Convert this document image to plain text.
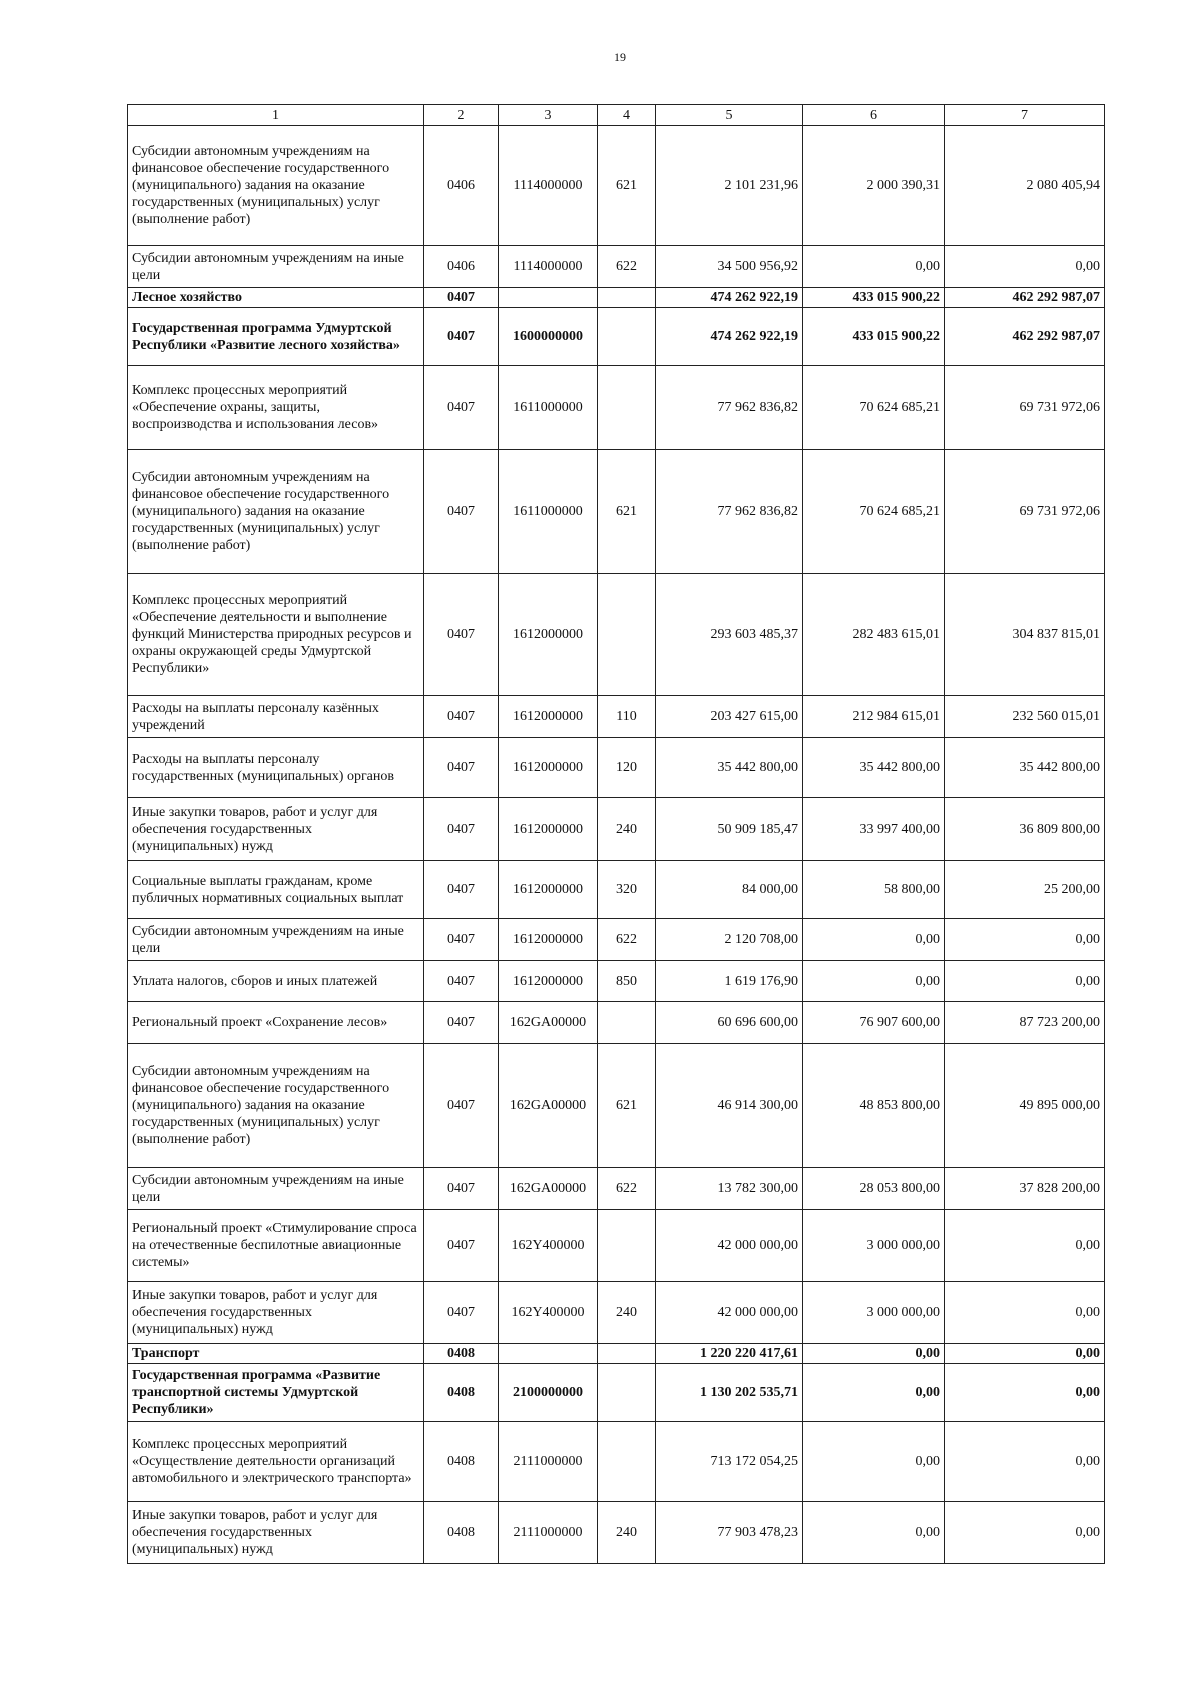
19
1	2	3	4	5	6	7
Субсидии автономным учреждениям на финансовое обеспечение государственного (муниципального) задания на оказание государственных (муниципальных) услуг (выполнение работ)	0406	1114000000	621	2 101 231,96	2 000 390,31	2 080 405,94
Субсидии автономным учреждениям на иные цели	0406	1114000000	622	34 500 956,92	0,00	0,00
Лесное хозяйство	0407			474 262 922,19	433 015 900,22	462 292 987,07
Государственная программа Удмуртской Республики «Развитие лесного хозяйства»	0407	1600000000		474 262 922,19	433 015 900,22	462 292 987,07
Комплекс процессных мероприятий «Обеспечение охраны, защиты, воспроизводства и использования лесов»	0407	1611000000		77 962 836,82	70 624 685,21	69 731 972,06
Субсидии автономным учреждениям на финансовое обеспечение государственного (муниципального) задания на оказание государственных (муниципальных) услуг (выполнение работ)	0407	1611000000	621	77 962 836,82	70 624 685,21	69 731 972,06
Комплекс процессных мероприятий «Обеспечение деятельности и выполнение функций Министерства природных ресурсов и охраны окружающей среды Удмуртской Республики»	0407	1612000000		293 603 485,37	282 483 615,01	304 837 815,01
Расходы на выплаты персоналу казённых учреждений	0407	1612000000	110	203 427 615,00	212 984 615,01	232 560 015,01
Расходы на выплаты персоналу государственных (муниципальных) органов	0407	1612000000	120	35 442 800,00	35 442 800,00	35 442 800,00
Иные закупки товаров, работ и услуг для обеспечения государственных (муниципальных) нужд	0407	1612000000	240	50 909 185,47	33 997 400,00	36 809 800,00
Социальные выплаты гражданам, кроме публичных нормативных социальных выплат	0407	1612000000	320	84 000,00	58 800,00	25 200,00
Субсидии автономным учреждениям на иные цели	0407	1612000000	622	2 120 708,00	0,00	0,00
Уплата налогов, сборов и иных платежей	0407	1612000000	850	1 619 176,90	0,00	0,00
Региональный проект «Сохранение лесов»	0407	162GA00000		60 696 600,00	76 907 600,00	87 723 200,00
Субсидии автономным учреждениям на финансовое обеспечение государственного (муниципального) задания на оказание государственных (муниципальных) услуг (выполнение работ)	0407	162GA00000	621	46 914 300,00	48 853 800,00	49 895 000,00
Субсидии автономным учреждениям на иные цели	0407	162GA00000	622	13 782 300,00	28 053 800,00	37 828 200,00
Региональный проект «Стимулирование спроса на отечественные беспилотные авиационные системы»	0407	162Y400000		42 000 000,00	3 000 000,00	0,00
Иные закупки товаров, работ и услуг для обеспечения государственных (муниципальных) нужд	0407	162Y400000	240	42 000 000,00	3 000 000,00	0,00
Транспорт	0408			1 220 220 417,61	0,00	0,00
Государственная программа «Развитие транспортной системы Удмуртской Республики»	0408	2100000000		1 130 202 535,71	0,00	0,00
Комплекс процессных мероприятий «Осуществление деятельности организаций автомобильного и электрического транспорта»	0408	2111000000		713 172 054,25	0,00	0,00
Иные закупки товаров, работ и услуг для обеспечения государственных (муниципальных) нужд	0408	2111000000	240	77 903 478,23	0,00	0,00
